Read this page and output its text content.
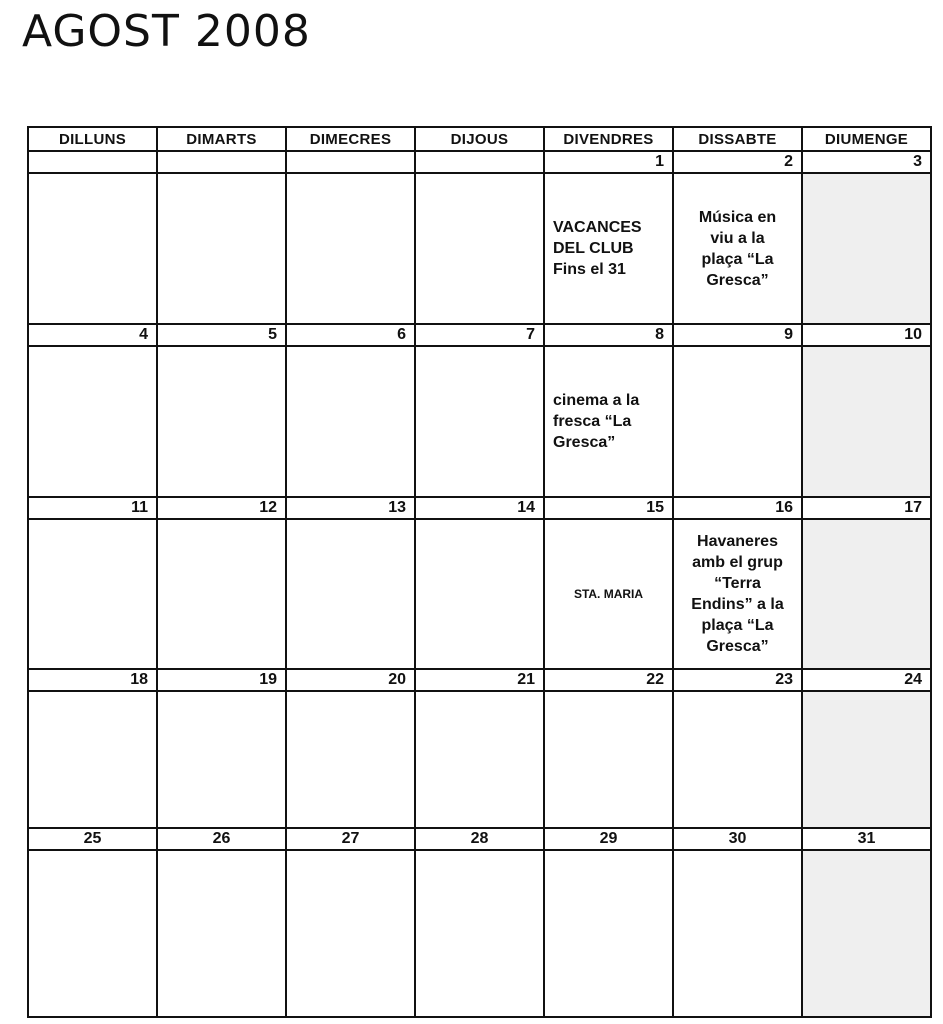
AGOST 2008
DILLUNS	DIMARTS	DIMECRES	DIJOUS	DIVENDRES	DISSABTE	DIUMENGE
				1	2	3

				VACANCES DEL CLUB Fins el 31	Música en viu a la plaça “La Gresca”	

4	5	6	7	8	9	10

				cinema a la fresca “La Gresca”		

11	12	13	14	15	16	17

				STA. MARIA	Havaneres amb el grup “Terra Endins” a la plaça “La Gresca”	

18	19	20	21	22	23	24

25	26	27	28	29	30	31
